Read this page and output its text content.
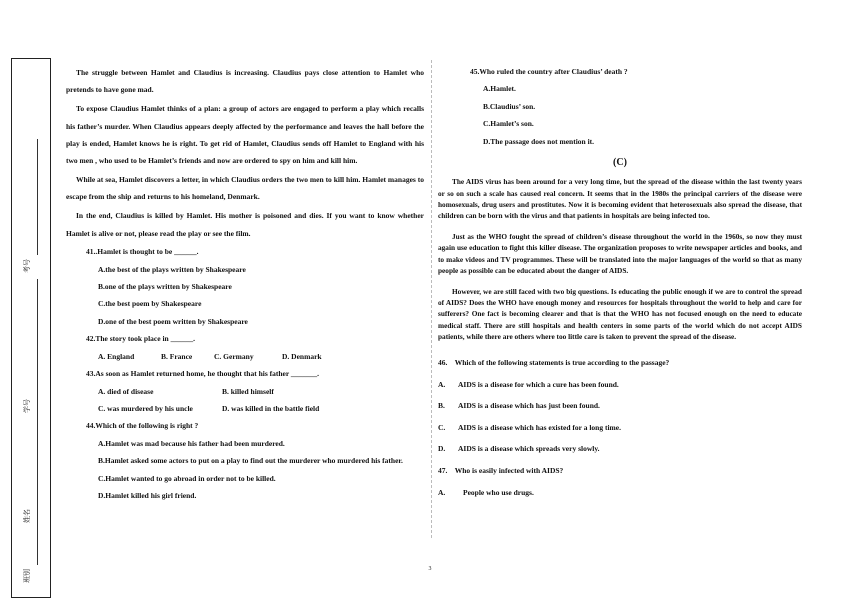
考号
学号
姓名
班别

The struggle between Hamlet and Claudius is increasing. Claudius pays close attention to Hamlet who pretends to have gone mad.

To expose Claudius Hamlet thinks of a plan: a group of actors are engaged to perform a play which recalls his father’s murder. When Claudius appears deeply affected by the performance and leaves the hall before the play is ended, Hamlet knows he is right. To get rid of Hamlet, Claudius sends off Hamlet to England with his two men , who used to be Hamlet’s friends and now are ordered to spy on him and kill him.

While at sea, Hamlet discovers a letter, in which Claudius orders the two men to kill him. Hamlet manages to escape from the ship and returns to his homeland, Denmark.

In the end, Claudius is killed by Hamlet. His mother is poisoned and dies. If you want to know whether Hamlet is alive or not, please read the play or see the film.

41..Hamlet is thought to be ______.
A.the best of the plays written by Shakespeare
B.one of the plays written by Shakespeare
C.the best poem by Shakespeare
D.one of the best poem written by Shakespeare
42.The story took place in ______.
A. England	B. France	C. Germany	D. Denmark
43.As soon as Hamlet returned home, he thought that his father _______.
A. died of disease	B. killed himself
C. was murdered by his uncle	D. was killed in the battle field
44.Which of the following is right ?
A.Hamlet was mad because his father had been murdered.
B.Hamlet asked some actors to put on a play to find out the murderer who murdered his father.
C.Hamlet wanted to go abroad in order not to be killed.
D.Hamlet killed his girl friend.
45.Who ruled the country after Claudius’ death ?
A.Hamlet.
B.Claudius’ son.
C.Hamlet’s son.
D.The passage does not mention it.
(C)

The AIDS virus has been around for a very long time, but the spread of the disease within the last twenty years or so on such a scale has caused real concern. It seems that in the 1980s the principal carriers of the disease were homosexuals, drug users and prostitutes. Now it is becoming evident that heterosexuals also spread the disease, that children can be born with the virus and that patients in hospitals are being infected too.

Just as the WHO fought the spread of children’s disease throughout the world in the 1960s, so now they must again use education to fight this killer disease. The organization proposes to write newspaper articles and books, and to make videos and TV programmes. These will be translated into the major languages of the world so that as many people as possible can be educated about the danger of AIDS.

However, we are still faced with two big questions. Is educating the public enough if we are to control the spread of AIDS? Does the WHO have enough money and resources for hospitals throughout the world to help and care for sufferers? One fact is becoming clearer and that is that the WHO has not focused enough on the need to educate medical staff. There are still hospitals and health centers in some parts of the world which do not accept AIDS patients, while there are others where too little care is taken to prevent the spread of the disease.

46.    Which of the following statements is true according to the passage?
A. AIDS is a disease for which a cure has been found.
B. AIDS is a disease which has just been found.
C. AIDS is a disease which has existed for a long time.
D. AIDS is a disease which spreads very slowly.
47.    Who is easily infected with AIDS?
A. People who use drugs.
3
